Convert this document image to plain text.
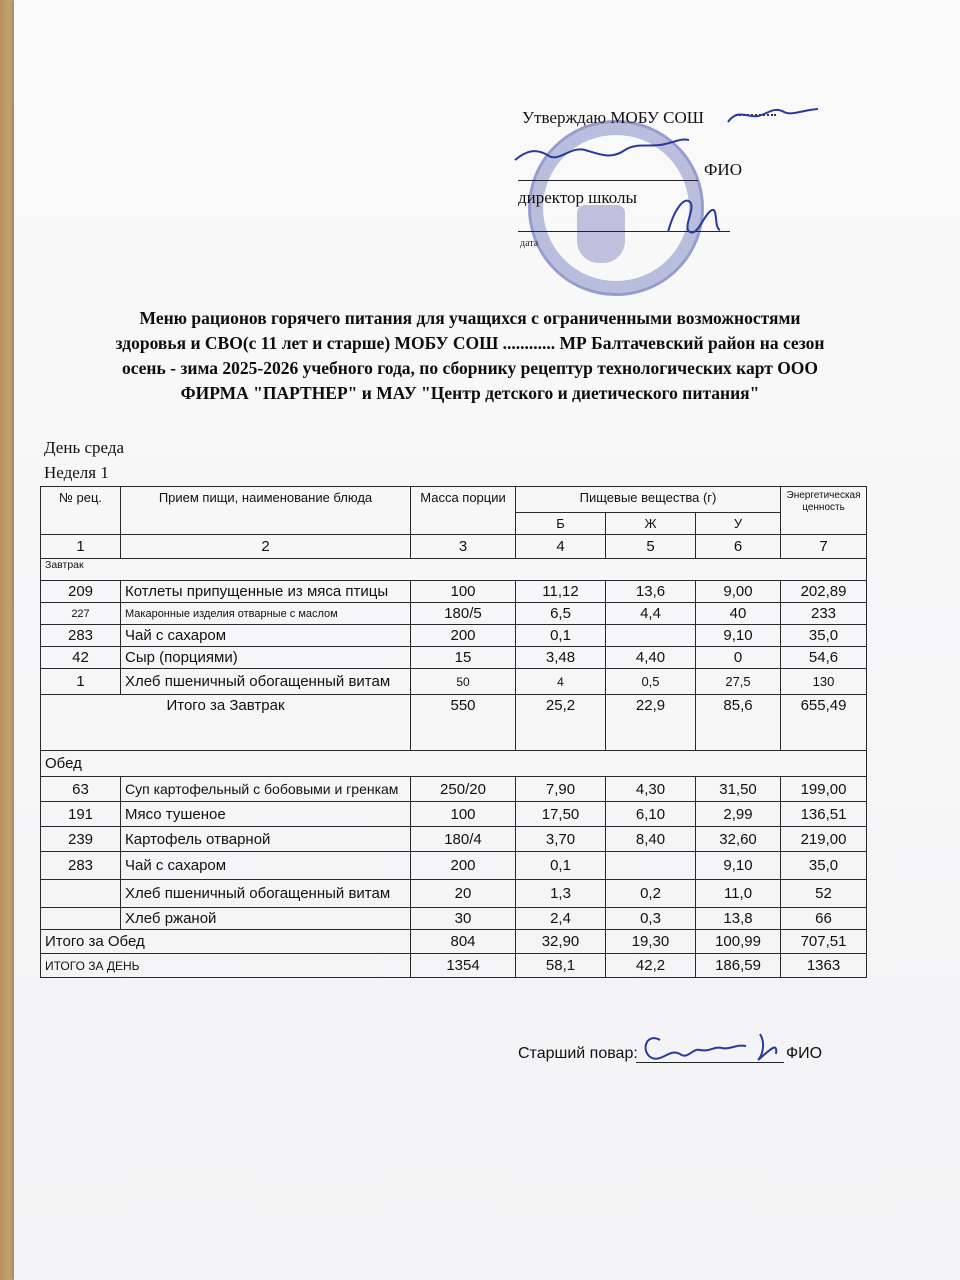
Утверждаю МОБУ СОШ
ФИО
директор школы
дата
Меню рационов горячего питания для учащихся с ограниченными возможностями
здоровья и СВО(с 11 лет и старше) МОБУ СОШ ............ МР Балтачевский район на сезон
осень - зима 2025-2026 учебного года, по сборнику рецептур технологических карт ООО
ФИРМА "ПАРТНЕР" и МАУ "Центр детского и диетического питания"
День среда
Неделя 1
№ рец.	Прием пищи, наименование блюда	Масса порции	Пищевые вещества (г)			Энергетическая ценность
			Б	Ж	У	
1	2	3	4	5	6	7
Завтрак						
209	Котлеты припущенные из мяса птицы	100	11,12	13,6	9,00	202,89
227	Макаронные изделия отварные с маслом	180/5	6,5	4,4	40	233
283	Чай с сахаром	200	0,1		9,10	35,0
42	Сыр (порциями)	15	3,48	4,40	0	54,6
1	Хлеб пшеничный обогащенный витам	50	4	0,5	27,5	130
Итого за Завтрак		550	25,2	22,9	85,6	655,49
Обед						
63	Суп картофельный с бобовыми и гренкам	250/20	7,90	4,30	31,50	199,00
191	Мясо тушеное	100	17,50	6,10	2,99	136,51
239	Картофель отварной	180/4	3,70	8,40	32,60	219,00
283	Чай с сахаром	200	0,1		9,10	35,0
	Хлеб пшеничный обогащенный витам	20	1,3	0,2	11,0	52
	Хлеб ржаной	30	2,4	0,3	13,8	66
Итого за Обед		804	32,90	19,30	100,99	707,51
ИТОГО ЗА ДЕНЬ		1354	58,1	42,2	186,59	1363
Старший повар:	ФИО
